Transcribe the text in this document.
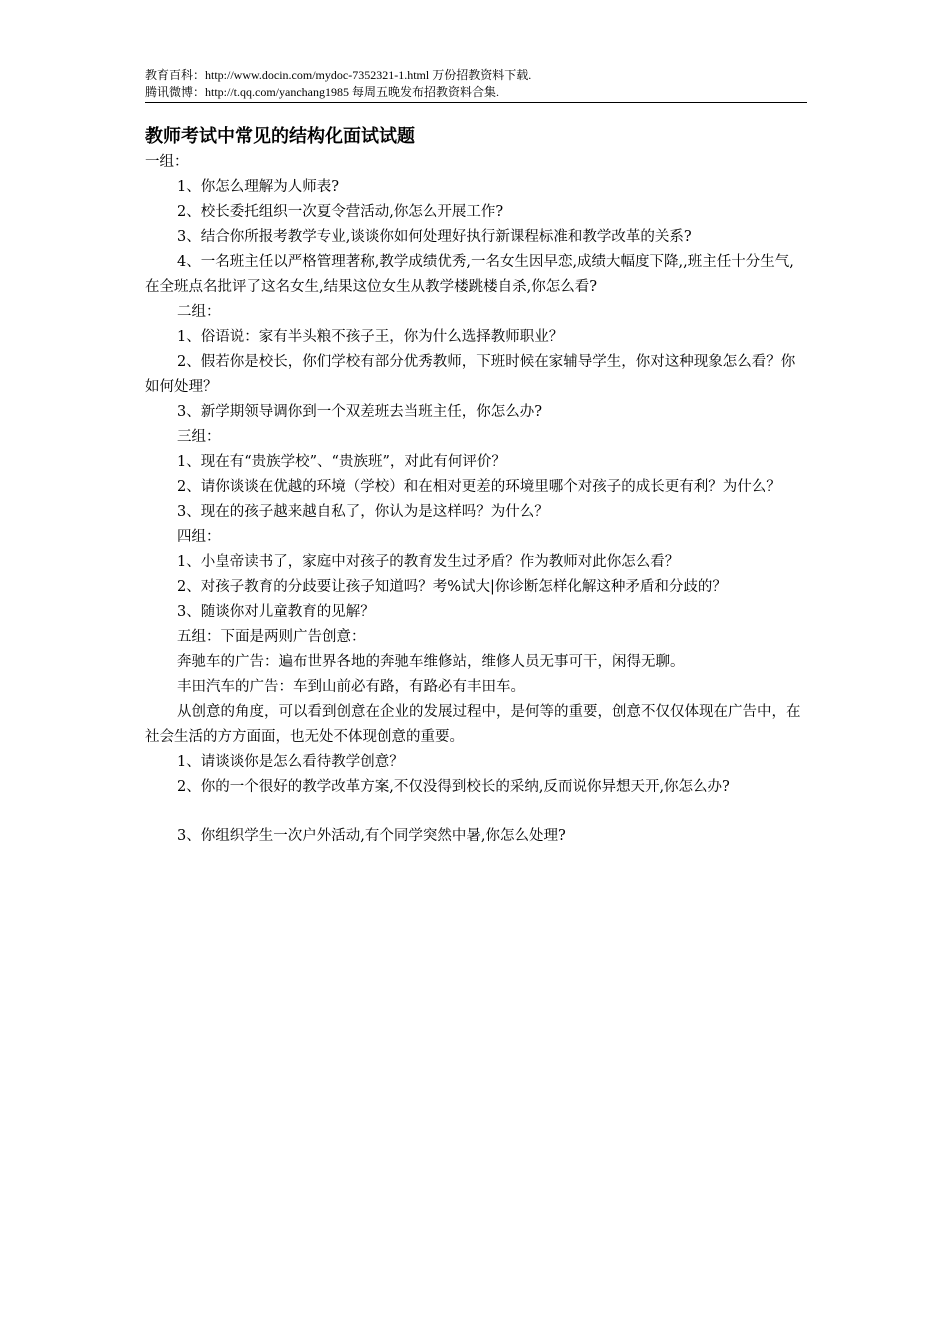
教育百科：http://www.docin.com/mydoc-7352321-1.html 万份招教资料下载.
腾讯微博：http://t.qq.com/yanchang1985 每周五晚发布招教资料合集.
教师考试中常见的结构化面试试题
一组：
1、你怎么理解为人师表?
2、校长委托组织一次夏令营活动,你怎么开展工作?
3、结合你所报考教学专业,谈谈你如何处理好执行新课程标准和教学改革的关系?
4、一名班主任以严格管理著称,教学成绩优秀,一名女生因早恋,成绩大幅度下降,,班主任十分生气,在全班点名批评了这名女生,结果这位女生从教学楼跳楼自杀,你怎么看?
二组：
1、俗语说：家有半头粮不孩子王，你为什么选择教师职业？
2、假若你是校长，你们学校有部分优秀教师，下班时候在家辅导学生，你对这种现象怎么看？你如何处理？
3、新学期领导调你到一个双差班去当班主任，你怎么办?
三组：
1、现在有“贵族学校”、“贵族班”，对此有何评价？
2、请你谈谈在优越的环境（学校）和在相对更差的环境里哪个对孩子的成长更有利？为什么？
3、现在的孩子越来越自私了，你认为是这样吗？为什么？
四组：
1、小皇帝读书了，家庭中对孩子的教育发生过矛盾？作为教师对此你怎么看？
2、对孩子教育的分歧要让孩子知道吗？考%试大|你诊断怎样化解这种矛盾和分歧的？
3、随谈你对儿童教育的见解？
五组：下面是两则广告创意：
奔驰车的广告：遍布世界各地的奔驰车维修站，维修人员无事可干，闲得无聊。
丰田汽车的广告：车到山前必有路，有路必有丰田车。
从创意的角度，可以看到创意在企业的发展过程中，是何等的重要，创意不仅仅体现在广告中，在社会生活的方方面面，也无处不体现创意的重要。
1、请谈谈你是怎么看待教学创意？
2、你的一个很好的教学改革方案,不仅没得到校长的采纳,反而说你异想天开,你怎么办?
3、你组织学生一次户外活动,有个同学突然中暑,你怎么处理?
